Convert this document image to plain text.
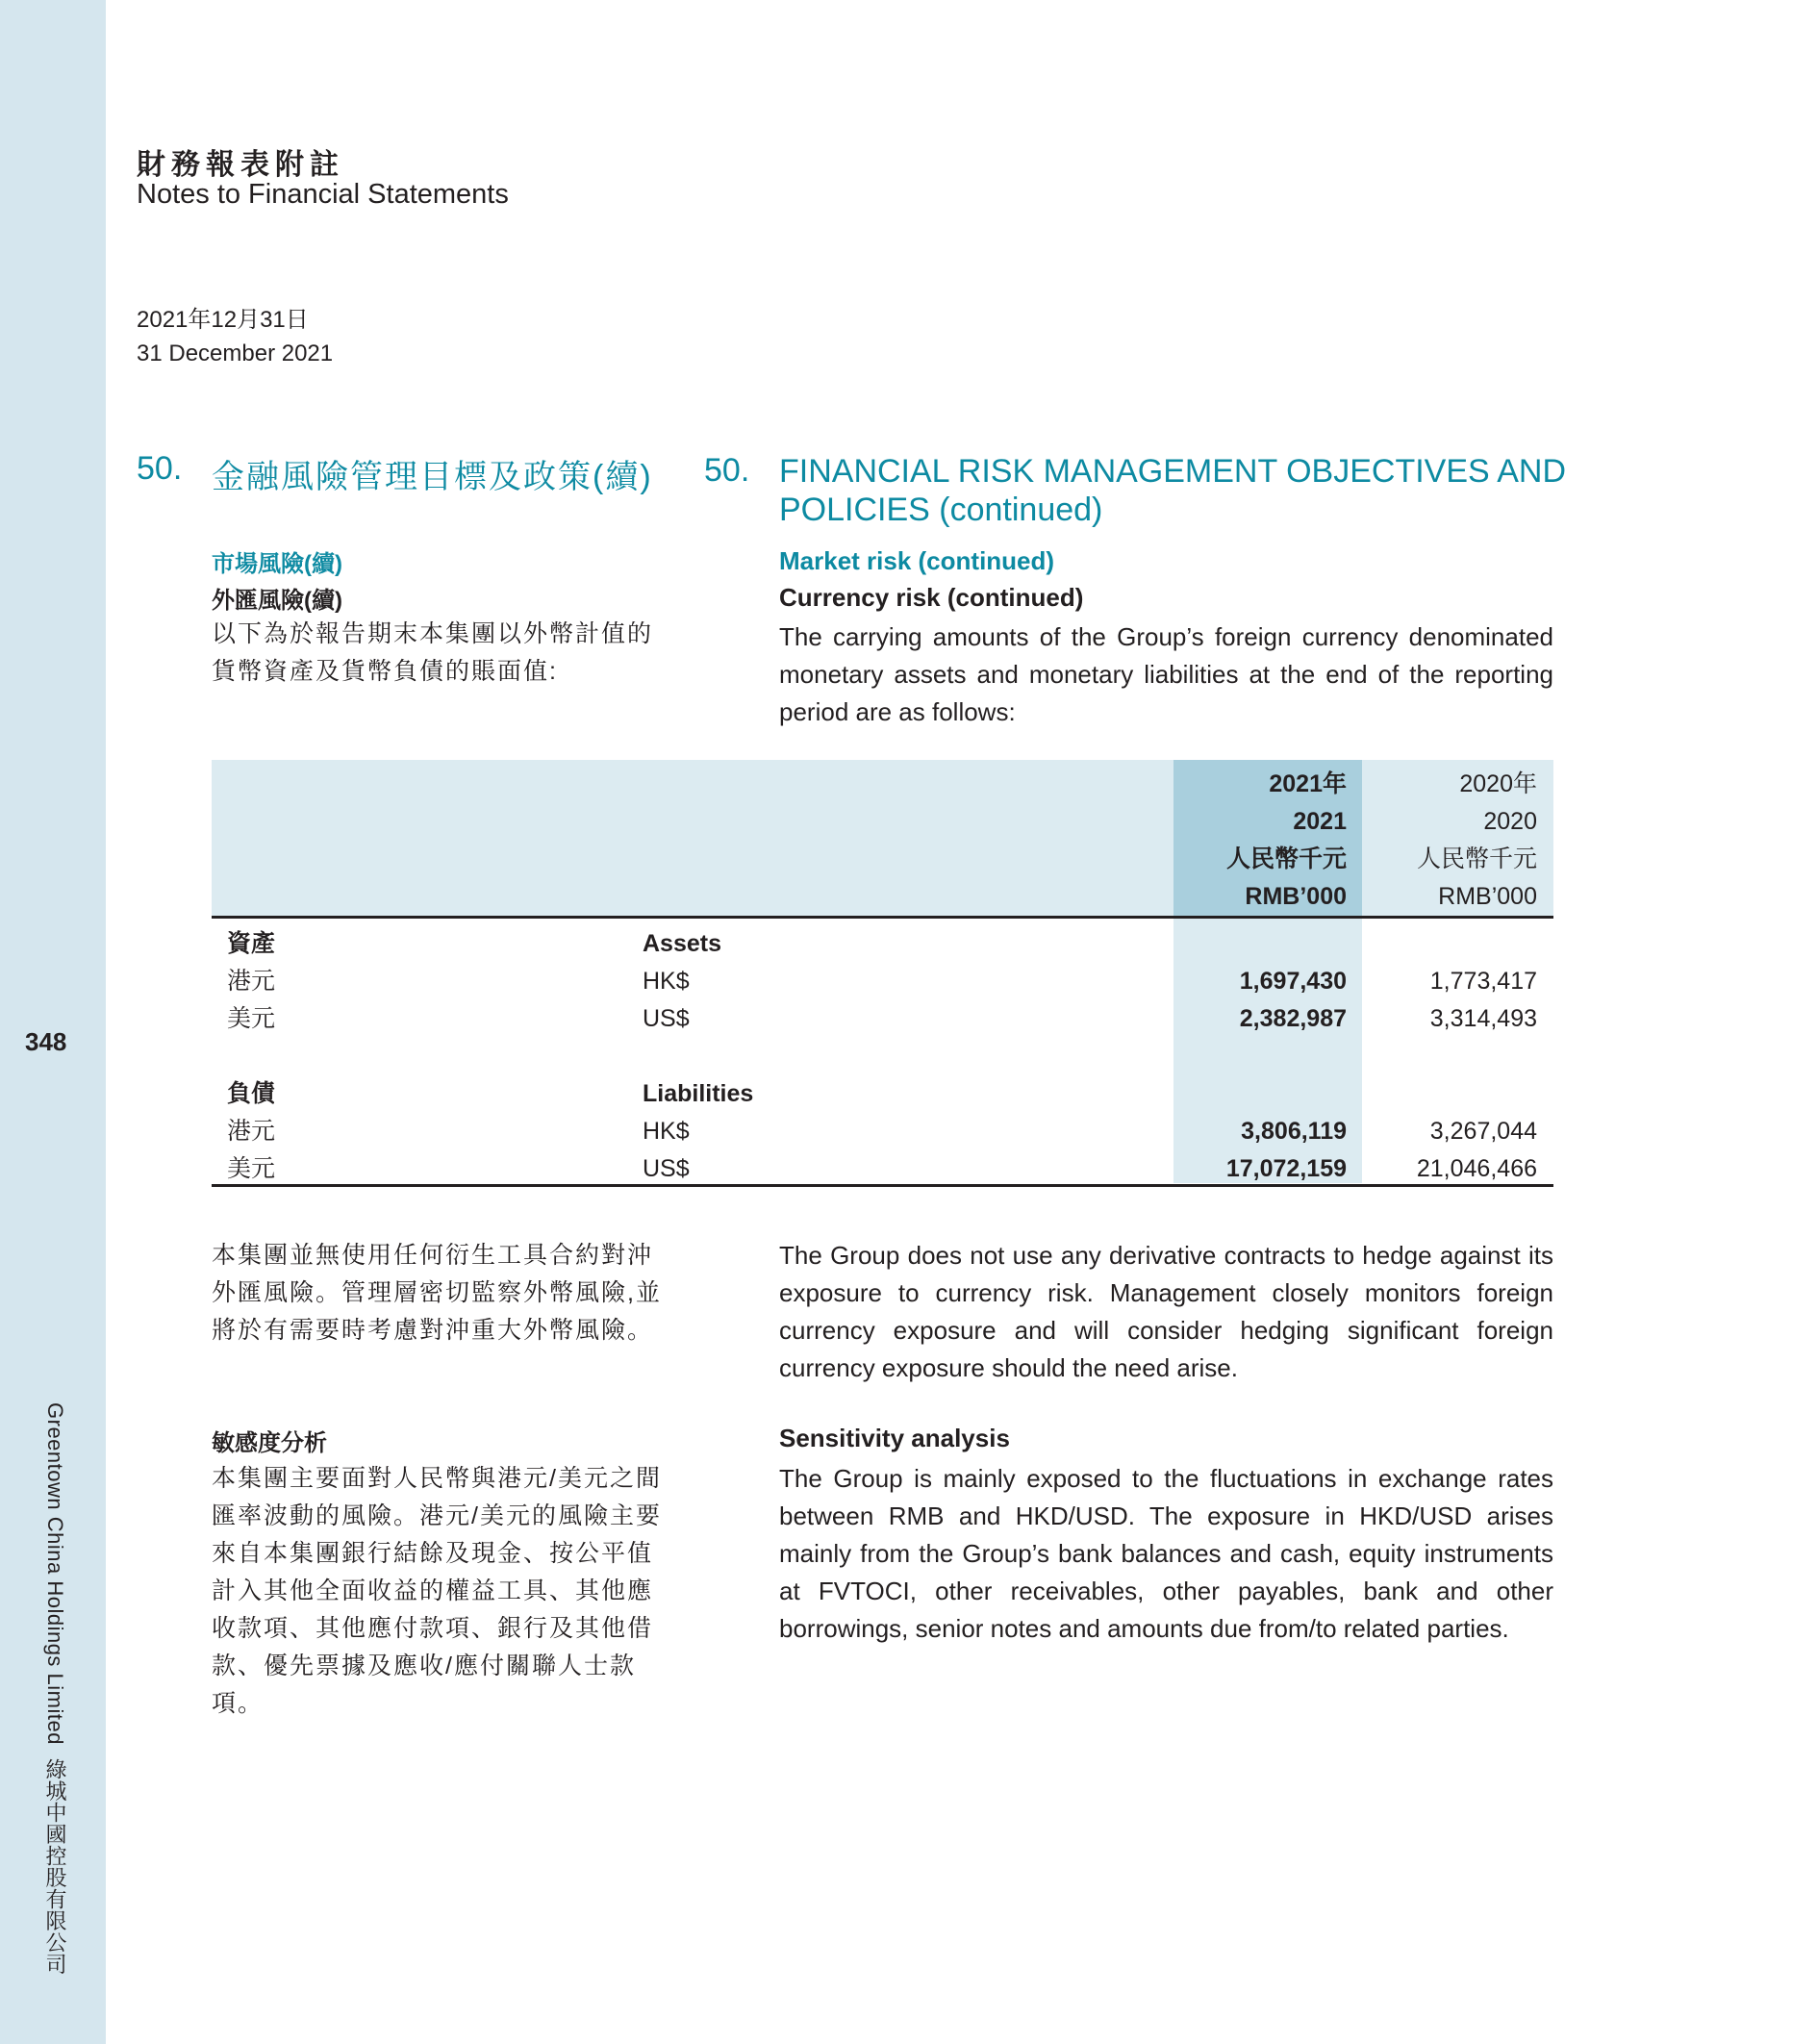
348
Greentown China Holdings Limited綠城中國控股有限公司
財務報表附註
Notes to Financial Statements
2021年12月31日
31 December 2021
50. 金融風險管理目標及政策(續) 50. FINANCIAL RISK MANAGEMENT OBJECTIVES AND POLICIES (continued)
市場風險(續)
外匯風險(續)
以下為於報告期末本集團以外幣計值的貨幣資產及貨幣負債的賬面值:
Market risk (continued)
Currency risk (continued)
The carrying amounts of the Group’s foreign currency denominated monetary assets and monetary liabilities at the end of the reporting period are as follows:
2021年
2021
人民幣千元
RMB’000
2020年
2020
人民幣千元
RMB’000
資產	Assets
港元	HK$	1,697,430	1,773,417
美元	US$	2,382,987	3,314,493
負債	Liabilities
港元	HK$	3,806,119	3,267,044
美元	US$	17,072,159	21,046,466
本集團並無使用任何衍生工具合約對沖外匯風險。管理層密切監察外幣風險,並將於有需要時考慮對沖重大外幣風險。
The Group does not use any derivative contracts to hedge against its exposure to currency risk. Management closely monitors foreign currency exposure and will consider hedging significant foreign currency exposure should the need arise.
敏感度分析	Sensitivity analysis
本集團主要面對人民幣與港元/美元之間匯率波動的風險。港元/美元的風險主要來自本集團銀行結餘及現金、按公平值計入其他全面收益的權益工具、其他應收款項、其他應付款項、銀行及其他借款、優先票據及應收/應付關聯人士款項。
The Group is mainly exposed to the fluctuations in exchange rates between RMB and HKD/USD. The exposure in HKD/USD arises mainly from the Group’s bank balances and cash, equity instruments at FVTOCI, other receivables, other payables, bank and other borrowings, senior notes and amounts due from/to related parties.
